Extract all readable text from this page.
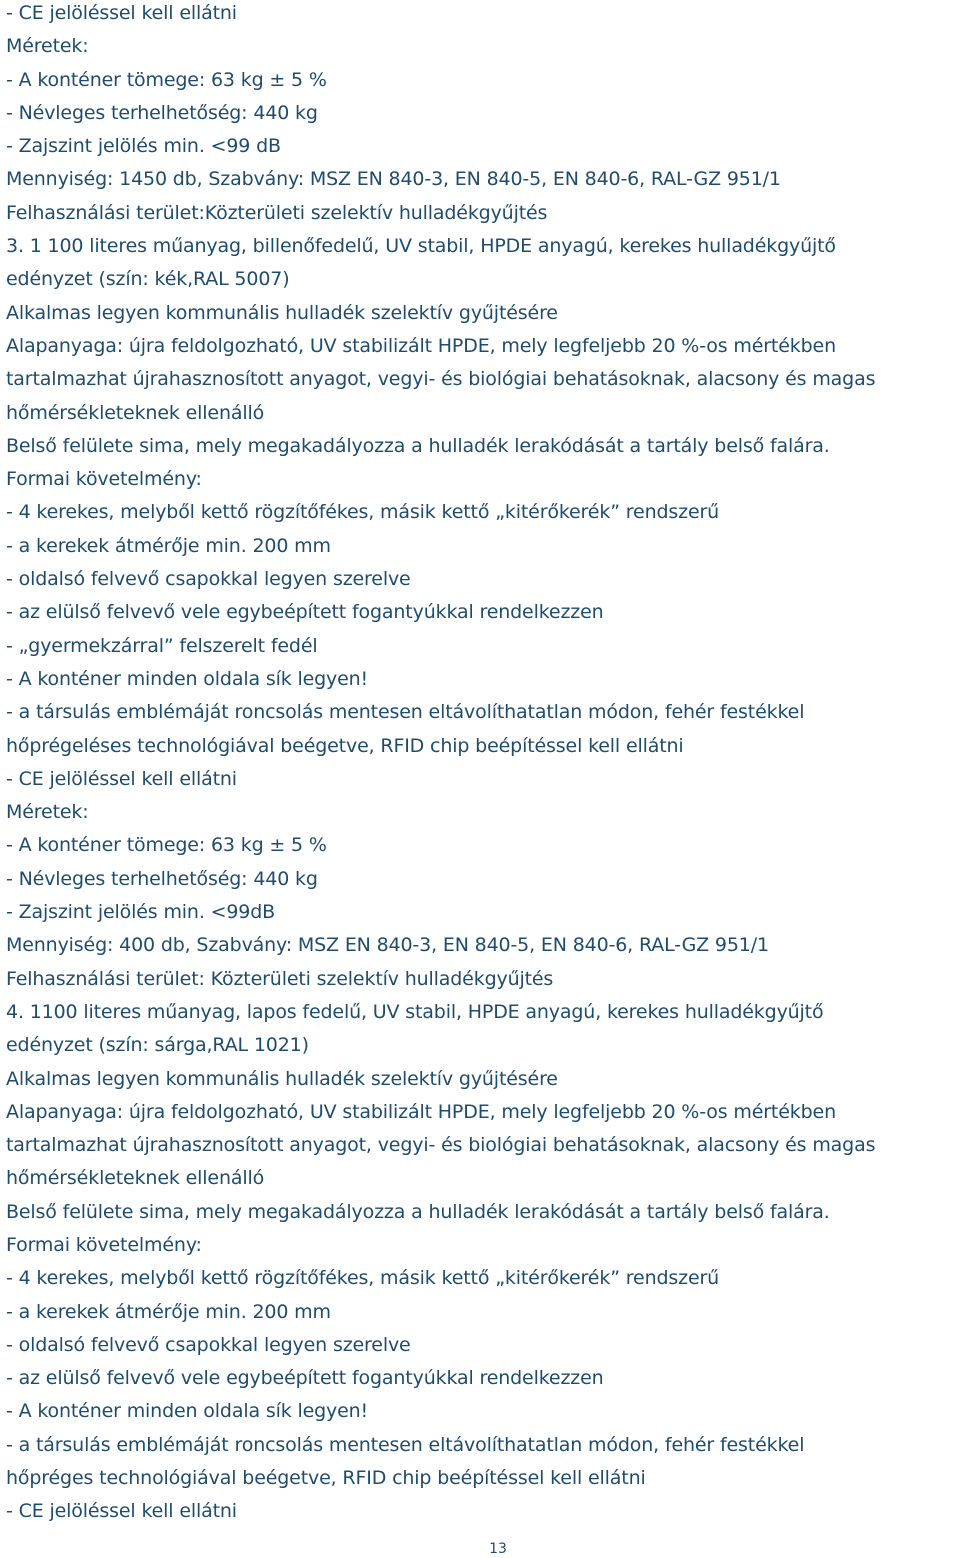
- CE jelöléssel kell ellátni
Méretek:
- A konténer tömege: 63 kg ± 5 %
- Névleges terhelhetőség: 440 kg
- Zajszint jelölés min. <99 dB
Mennyiség: 1450 db, Szabvány: MSZ EN 840-3, EN 840-5, EN 840-6, RAL-GZ 951/1
Felhasználási terület:Közterületi szelektív hulladékgyűjtés
3. 1 100 literes műanyag, billenőfedelű, UV stabil, HPDE anyagú, kerekes hulladékgyűjtő
edényzet (szín: kék,RAL 5007)
Alkalmas legyen kommunális hulladék szelektív gyűjtésére
Alapanyaga: újra feldolgozható, UV stabilizált HPDE, mely legfeljebb 20 %-os mértékben
tartalmazhat újrahasznosított anyagot, vegyi- és biológiai behatásoknak, alacsony és magas
hőmérsékleteknek ellenálló
Belső felülete sima, mely megakadályozza a hulladék lerakódását a tartály belső falára.
Formai követelmény:
- 4 kerekes, melyből kettő rögzítőfékes, másik kettő „kitérőkerék” rendszerű
- a kerekek átmérője min. 200 mm
- oldalsó felvevő csapokkal legyen szerelve
- az elülső felvevő vele egybeépített fogantyúkkal rendelkezzen
- „gyermekzárral” felszerelt fedél
- A konténer minden oldala sík legyen!
- a társulás emblémáját roncsolás mentesen eltávolíthatatlan módon, fehér festékkel
hőprégeléses technológiával beégetve, RFID chip beépítéssel kell ellátni
- CE jelöléssel kell ellátni
Méretek:
- A konténer tömege: 63 kg ± 5 %
- Névleges terhelhetőség: 440 kg
- Zajszint jelölés min. <99dB
Mennyiség: 400 db, Szabvány: MSZ EN 840-3, EN 840-5, EN 840-6, RAL-GZ 951/1
Felhasználási terület: Közterületi szelektív hulladékgyűjtés
4. 1100 literes műanyag, lapos fedelű, UV stabil, HPDE anyagú, kerekes hulladékgyűjtő
edényzet (szín: sárga,RAL 1021)
Alkalmas legyen kommunális hulladék szelektív gyűjtésére
Alapanyaga: újra feldolgozható, UV stabilizált HPDE, mely legfeljebb 20 %-os mértékben
tartalmazhat újrahasznosított anyagot, vegyi- és biológiai behatásoknak, alacsony és magas
hőmérsékleteknek ellenálló
Belső felülete sima, mely megakadályozza a hulladék lerakódását a tartály belső falára.
Formai követelmény:
- 4 kerekes, melyből kettő rögzítőfékes, másik kettő „kitérőkerék” rendszerű
- a kerekek átmérője min. 200 mm
- oldalsó felvevő csapokkal legyen szerelve
- az elülső felvevő vele egybeépített fogantyúkkal rendelkezzen
- A konténer minden oldala sík legyen!
- a társulás emblémáját roncsolás mentesen eltávolíthatatlan módon, fehér festékkel
hőpréges technológiával beégetve, RFID chip beépítéssel kell ellátni
- CE jelöléssel kell ellátni
13
